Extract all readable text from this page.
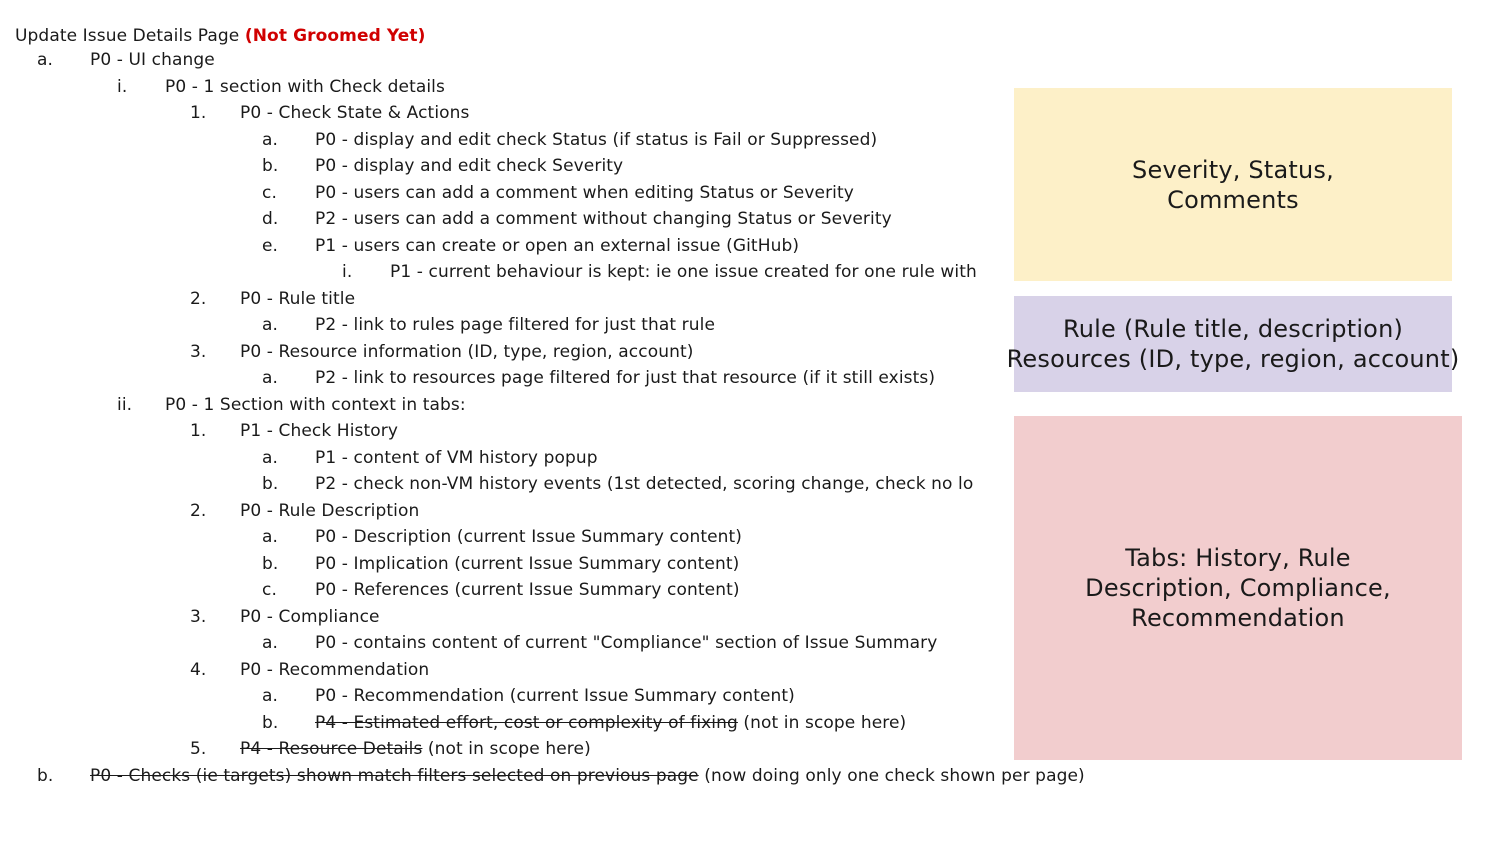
Update Issue Details Page (Not Groomed Yet)
a. P0 - UI change
i. P0 - 1 section with Check details
1. P0 - Check State & Actions
a. P0 - display and edit check Status (if status is Fail or Suppressed)
b. P0 - display and edit check Severity
c. P0 - users can add a comment when editing Status or Severity
d. P2 - users can add a comment without changing Status or Severity
e. P1 - users can create or open an external issue (GitHub)
i. P1 - current behaviour is kept: ie one issue created for one rule with
2. P0 - Rule title
a. P2 - link to rules page filtered for just that rule
3. P0 - Resource information (ID, type, region, account)
a. P2 - link to resources page filtered for just that resource (if it still exists)
ii. P0 - 1 Section with context in tabs:
1. P1 - Check History
a. P1 - content of VM history popup
b. P2 - check non-VM history events (1st detected, scoring change, check no lo
2. P0 - Rule Description
a. P0 - Description (current Issue Summary content)
b. P0 - Implication (current Issue Summary content)
c. P0 - References (current Issue Summary content)
3. P0 - Compliance
a. P0 - contains content of current "Compliance" section of Issue Summary
4. P0 - Recommendation
a. P0 - Recommendation (current Issue Summary content)
b. P4 - Estimated effort, cost or complexity of fixing (not in scope here)
5. P4 - Resource Details (not in scope here)
b. P0 - Checks (ie targets) shown match filters selected on previous page (now doing only one check shown per page)
Severity, Status,
Comments
Rule (Rule title, description)
Resources (ID, type, region, account)
Tabs: History, Rule
Description, Compliance,
Recommendation
